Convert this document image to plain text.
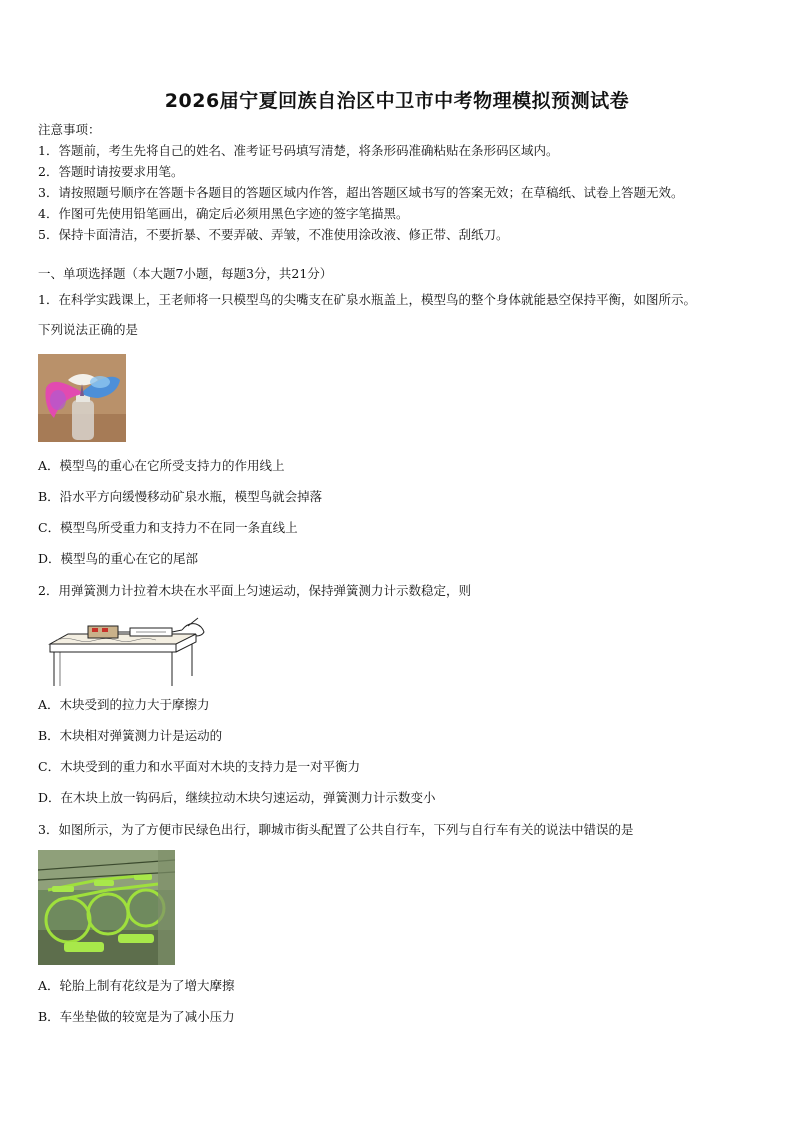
2026届宁夏回族自治区中卫市中考物理模拟预测试卷
注意事项：
1．答题前，考生先将自己的姓名、准考证号码填写清楚，将条形码准确粘贴在条形码区域内。
2．答题时请按要求用笔。
3．请按照题号顺序在答题卡各题目的答题区域内作答，超出答题区域书写的答案无效；在草稿纸、试卷上答题无效。
4．作图可先使用铅笔画出，确定后必须用黑色字迹的签字笔描黑。
5．保持卡面清洁，不要折暴、不要弄破、弄皱，不准使用涂改液、修正带、刮纸刀。
一、单项选择题（本大题7小题，每题3分，共21分）
1．在科学实践课上，王老师将一只模型鸟的尖嘴支在矿泉水瓶盖上，模型鸟的整个身体就能悬空保持平衡，如图所示。
下列说法正确的是
A．模型鸟的重心在它所受支持力的作用线上
B．沿水平方向缓慢移动矿泉水瓶，模型鸟就会掉落
C．模型鸟所受重力和支持力不在同一条直线上
D．模型鸟的重心在它的尾部
2．用弹簧测力计拉着木块在水平面上匀速运动，保持弹簧测力计示数稳定，则
A．木块受到的拉力大于摩擦力
B．木块相对弹簧测力计是运动的
C．木块受到的重力和水平面对木块的支持力是一对平衡力
D．在木块上放一钩码后，继续拉动木块匀速运动，弹簧测力计示数变小
3．如图所示，为了方便市民绿色出行，聊城市街头配置了公共自行车，下列与自行车有关的说法中错误的是
A．轮胎上制有花纹是为了增大摩擦
B．车坐垫做的较宽是为了减小压力
